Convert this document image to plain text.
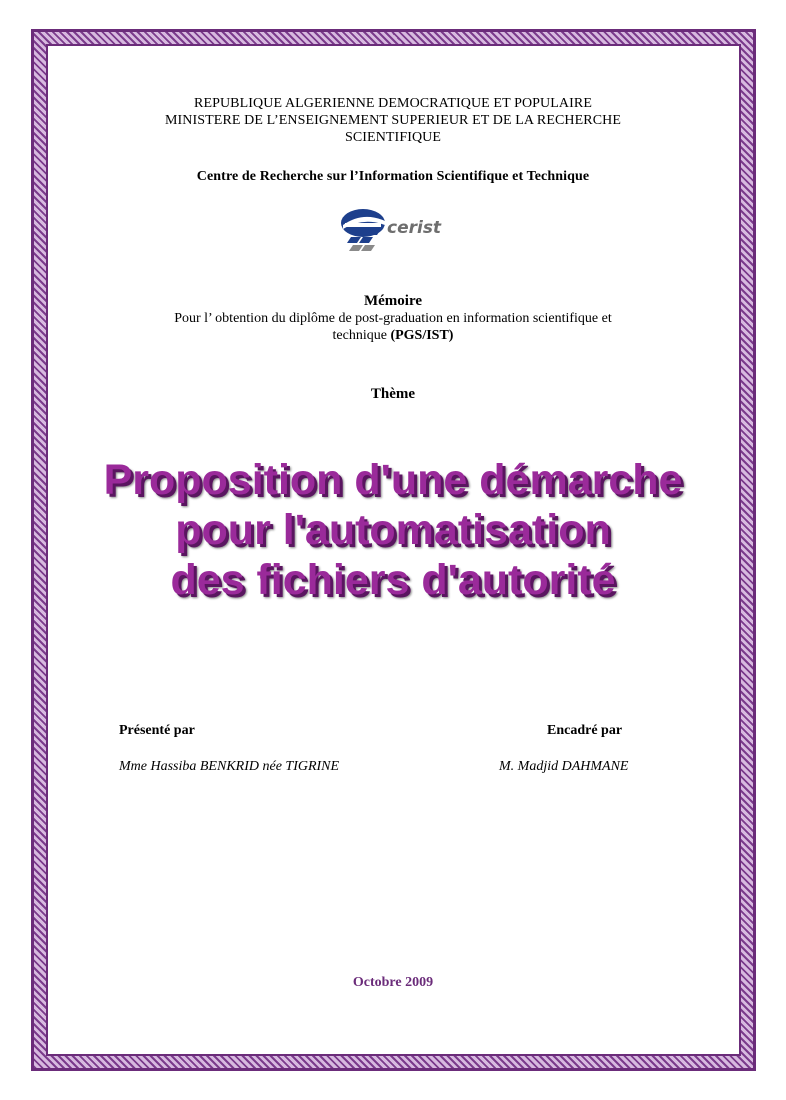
REPUBLIQUE ALGERIENNE DEMOCRATIQUE ET POPULAIRE
MINISTERE DE L’ENSEIGNEMENT SUPERIEUR ET DE LA RECHERCHE
SCIENTIFIQUE
Centre de Recherche sur l’Information Scientifique et Technique
cerist
Mémoire
Pour l’ obtention du diplôme de post-graduation en information scientifique et
technique (PGS/IST)
Thème
Proposition d'une démarche
pour l'automatisation
des fichiers d'autorité
Présenté par	Encadré par
Mme Hassiba BENKRID née TIGRINE	M. Madjid DAHMANE
Octobre 2009
